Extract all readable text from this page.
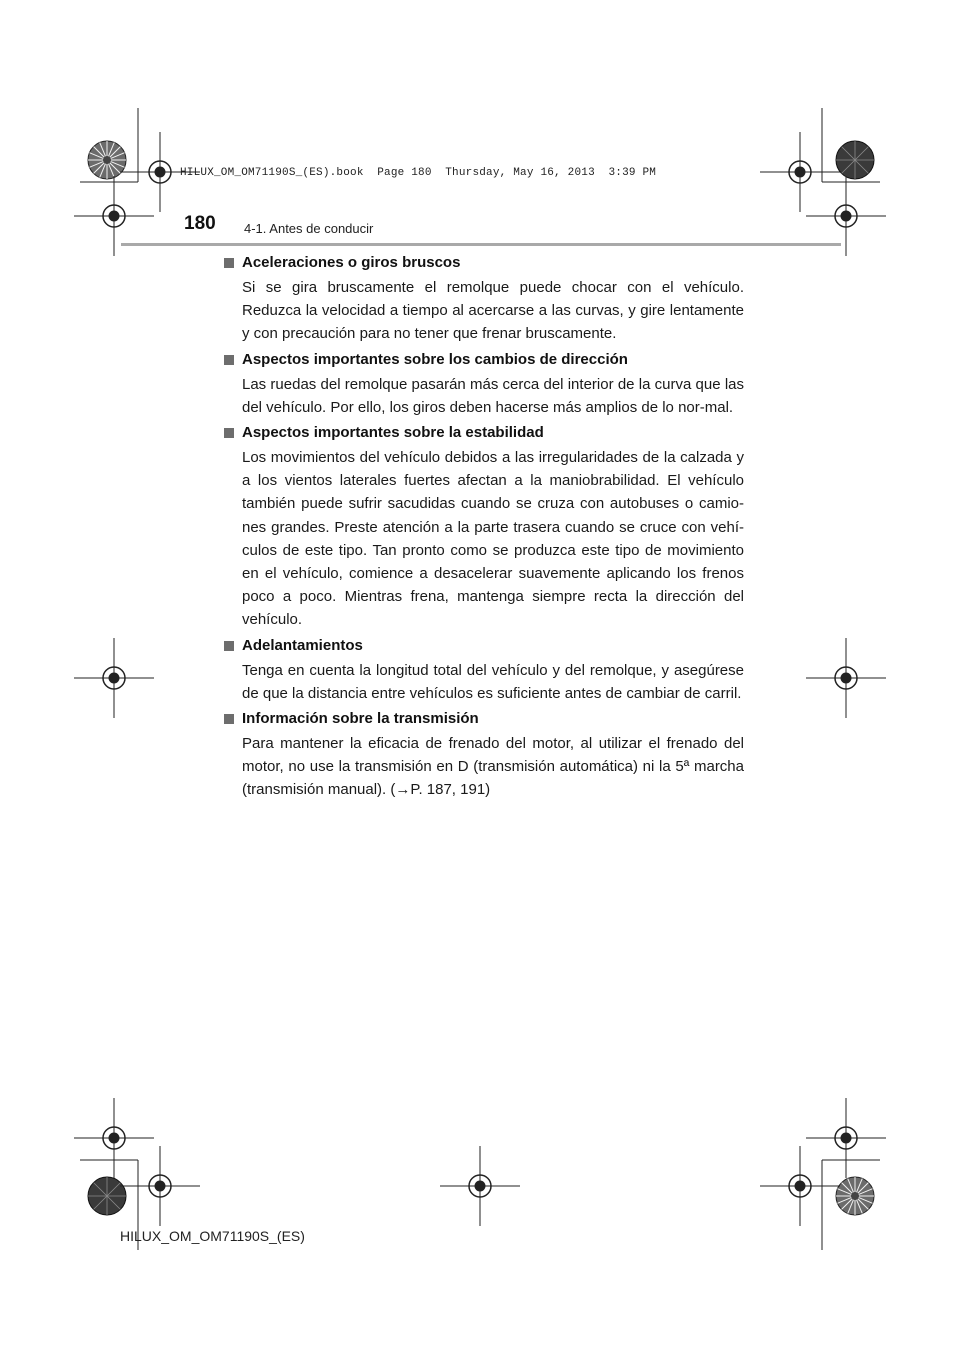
HILUX_OM_OM71190S_(ES).book  Page 180  Thursday, May 16, 2013  3:39 PM
180 4-1. Antes de conducir
Aceleraciones o giros bruscos
Si se gira bruscamente el remolque puede chocar con el vehículo. Reduzca la velocidad a tiempo al acercarse a las curvas, y gire lentamente y con precaución para no tener que frenar bruscamente.
Aspectos importantes sobre los cambios de dirección
Las ruedas del remolque pasarán más cerca del interior de la curva que las del vehículo. Por ello, los giros deben hacerse más amplios de lo nor-mal.
Aspectos importantes sobre la estabilidad
Los movimientos del vehículo debidos a las irregularidades de la calzada y a los vientos laterales fuertes afectan a la maniobrabilidad. El vehículo también puede sufrir sacudidas cuando se cruza con autobuses o camio-nes grandes. Preste atención a la parte trasera cuando se cruce con vehí-culos de este tipo. Tan pronto como se produzca este tipo de movimiento en el vehículo, comience a desacelerar suavemente aplicando los frenos poco a poco. Mientras frena, mantenga siempre recta la dirección del vehículo.
Adelantamientos
Tenga en cuenta la longitud total del vehículo y del remolque, y asegúrese de que la distancia entre vehículos es suficiente antes de cambiar de carril.
Información sobre la transmisión
Para mantener la eficacia de frenado del motor, al utilizar el frenado del motor, no use la transmisión en D (transmisión automática) ni la 5ª marcha (transmisión manual). (→P. 187, 191)
HILUX_OM_OM71190S_(ES)
